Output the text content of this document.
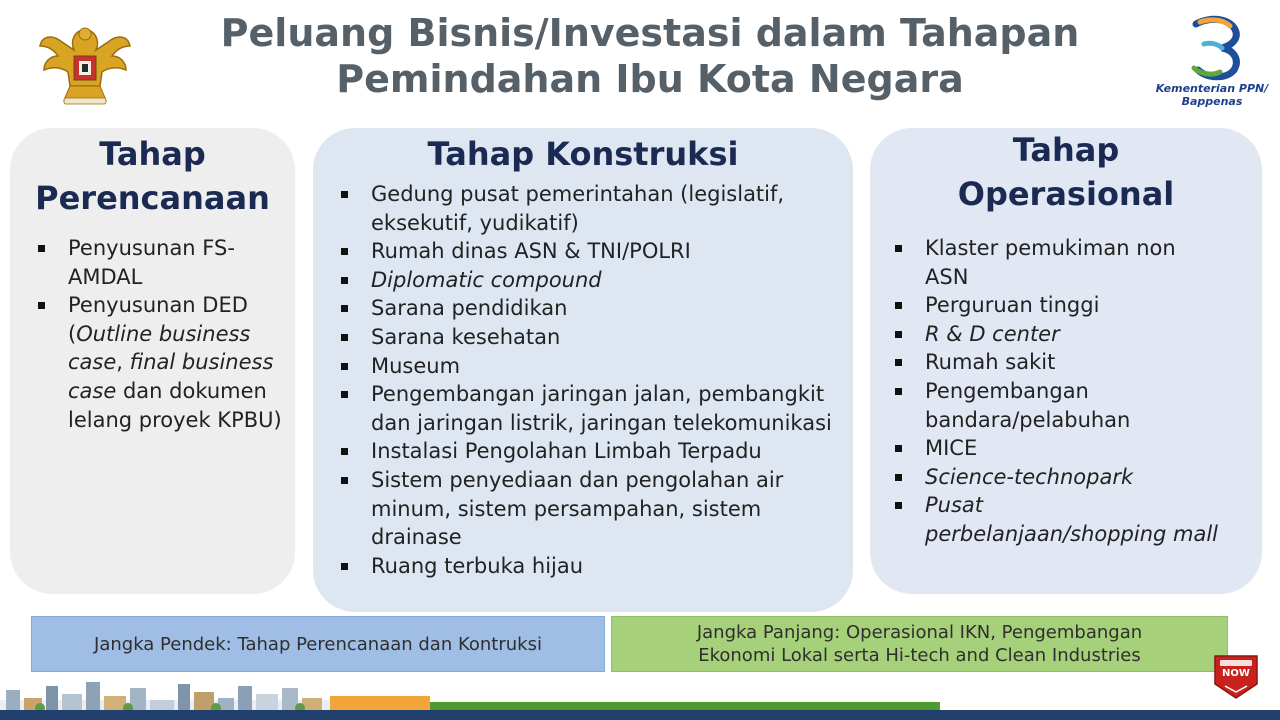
Peluang Bisnis/Investasi dalam Tahapan
Pemindahan Ibu Kota Negara	Kementerian PPN/
Bappenas
Tahap
Perencanaan
Penyusunan FS-AMDAL
Penyusunan DED (Outline business case, final business case dan dokumen lelang proyek KPBU)
Tahap Konstruksi
Gedung pusat pemerintahan (legislatif, eksekutif, yudikatif)
Rumah dinas ASN & TNI/POLRI
Diplomatic compound
Sarana pendidikan
Sarana kesehatan
Museum
Pengembangan jaringan jalan, pembangkit dan jaringan listrik, jaringan telekomunikasi
Instalasi Pengolahan Limbah Terpadu
Sistem penyediaan dan pengolahan air minum, sistem persampahan, sistem drainase
Ruang terbuka hijau
Tahap
Operasional
Klaster pemukiman non ASN
Perguruan tinggi
R & D center
Rumah sakit
Pengembangan bandara/pelabuhan
MICE
Science-technopark
Pusat perbelanjaan/shopping mall
Jangka Pendek: Tahap Perencanaan dan Kontruksi
Jangka Panjang: Operasional IKN, Pengembangan
Ekonomi Lokal serta Hi-tech and Clean Industries
NOW
